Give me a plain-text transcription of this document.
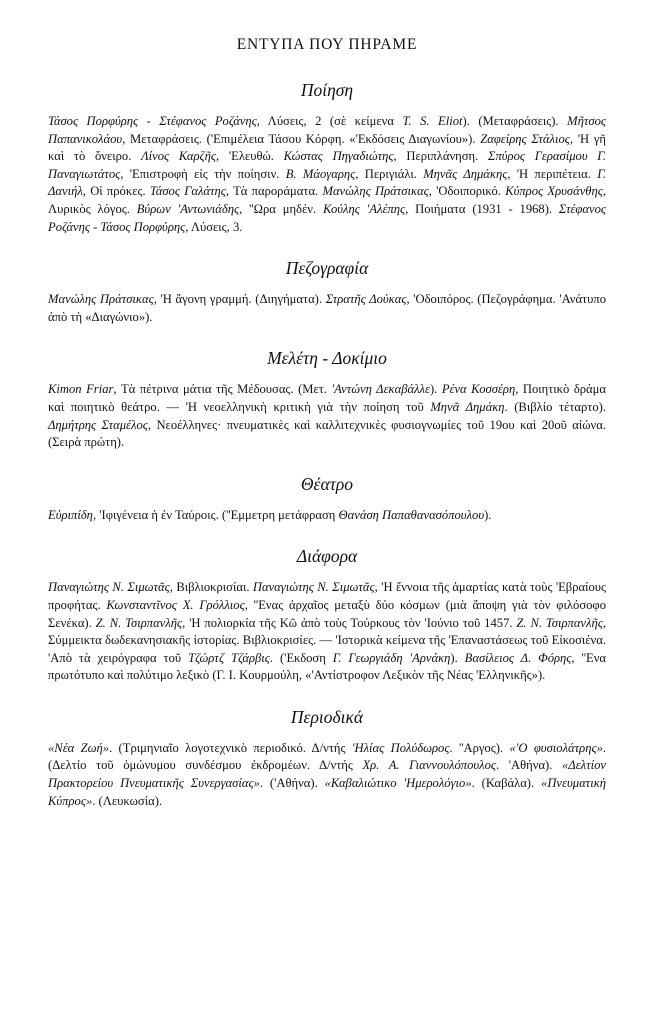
ΕΝΤΥΠΑ ΠΟΥ ΠΗΡΑΜΕ
Ποίηση

Τάσος Πορφύρης - Στέφανος Ροζάνης, Λύσεις, 2 (σὲ κείμενα T. S. Eliot). (Μεταφράσεις). Μῆτσος Παπανικολάου, Μεταφράσεις. ('Επιμέλεια Τάσου Κόρφη. «'Εκδόσεις Διαγωνίου»). Ζαφείρης Στάλιος, 'Η γῆ καὶ τὸ ὄνειρο. Λίνος Καρζῆς, 'Ελευθώ. Κώστας Πηγαδιώτης, Περιπλάνηση. Σπύρος Γερασίμου Γ. Παναγιωτάτος, 'Επιστροφὴ εἰς τὴν ποίησιν. Β. Μάογαρης, Περιγιάλι. Μηνᾶς Δημάκης, 'Η περιπέτεια. Γ. Δανιήλ, Οἱ πρόκες. Τάσος Γαλάτης, Τὰ παροράματα. Μανώλης Πράτσικας, 'Οδοιπορικό. Κύπρος Χρυσάνθης, Λυρικὸς λόγος. Βύρων 'Αντωνιάδης, ''Ωρα μηδέν. Κούλης 'Αλέπης, Ποιήματα (1931 - 1968). Στέφανος Ροζάνης - Τάσος Πορφύρης, Λύσεις, 3.

Πεζογραφία

Μανώλης Πράτσικας, 'Η ἄγονη γραμμή. (Διηγήματα). Στρατῆς Δούκας, 'Οδοιπόρος. (Πεζογράφημα. 'Ανάτυπο ἀπὸ τὴ «Διαγώνιο»).

Μελέτη - Δοκίμιο

Kimon Friar, Τὰ πέτρινα μάτια τῆς Μέδουσας. (Μετ. 'Αντώνη Δεκαβάλλε). Ρένα Κοσσέρη, Ποιητικὸ δράμα καὶ ποιητικὸ θεάτρο. — 'Η νεοελληνικὴ κριτικὴ γιὰ τὴν ποίηση τοῦ Μηνᾶ Δημάκη. (Βιβλίο τέταρτο). Δημήτρης Σταμέλος, Νεοέλληνες· πνευματικὲς καὶ καλλιτεχνικὲς φυσιογνωμίες τοῦ 19ου καὶ 20οῦ αἰώνα. (Σειρὰ πρώτη).

Θέατρο

Εὐριπίδη, 'Ιφιγένεια ἡ ἐν Ταύροις. (''Εμμετρη μετάφραση Θανάση Παπαθανασόπουλου).

Διάφορα

Παναγιώτης Ν. Σιμωτᾶς, Βιβλιοκρισίαι. Παναγιώτης Ν. Σιμωτᾶς, 'Η ἔννοια τῆς ἁμαρτίας κατὰ τοὺς 'Εβραίους προφήτας. Κωνσταντῖνος Χ. Γρόλλιος, ''Ενας ἀρχαῖος μεταξὺ δύο κόσμων (μιὰ ἄποψη γιὰ τὸν φιλόσοφο Σενέκα). Ζ. Ν. Τσιρπανλῆς, 'Η πολιορκία τῆς Κῶ ἀπὸ τοὺς Τούρκους τὸν 'Ιούνιο τοῦ 1457. Ζ. Ν. Τσιρπανλῆς, Σύμμεικτα δωδεκανησιακῆς ἱστορίας. Βιβλιοκρισίες. — 'Ιστορικὰ κείμενα τῆς 'Επαναστάσεως τοῦ Εἰκοσιένα. 'Απὸ τὰ χειρόγραφα τοῦ Τζώρτζ Τζάρβις. ('Εκδοση Γ. Γεωργιάδη 'Αρνάκη). Βασίλειος Δ. Φόρης, ''Ενα πρωτότυπο καὶ πολύτιμο λεξικὸ (Γ. Ι. Κουρμούλη, «'Αντίστροφον Λεξικὸν τῆς Νέας 'Ελληνικῆς»).

Περιοδικά

«Νέα Ζωή». (Τριμηνιαῖο λογοτεχνικὸ περιοδικό. Δ/ντής 'Ηλίας Πολύδωρος. ''Αργος). «'Ο φυσιολάτρης». (Δελτίο τοῦ ὁμώνυμου συνδέσμου ἐκδρομέων. Δ/ντής Χρ. Α. Γιαννουλόπουλος. 'Αθήνα). «Δελτίον Πρακτορείου Πνευματικῆς Συνεργασίας». ('Αθήνα). «Καβαλιώτικο 'Ημερολόγιο». (Καβάλα). «Πνευματικὴ Κύπρος». (Λευκωσία).
